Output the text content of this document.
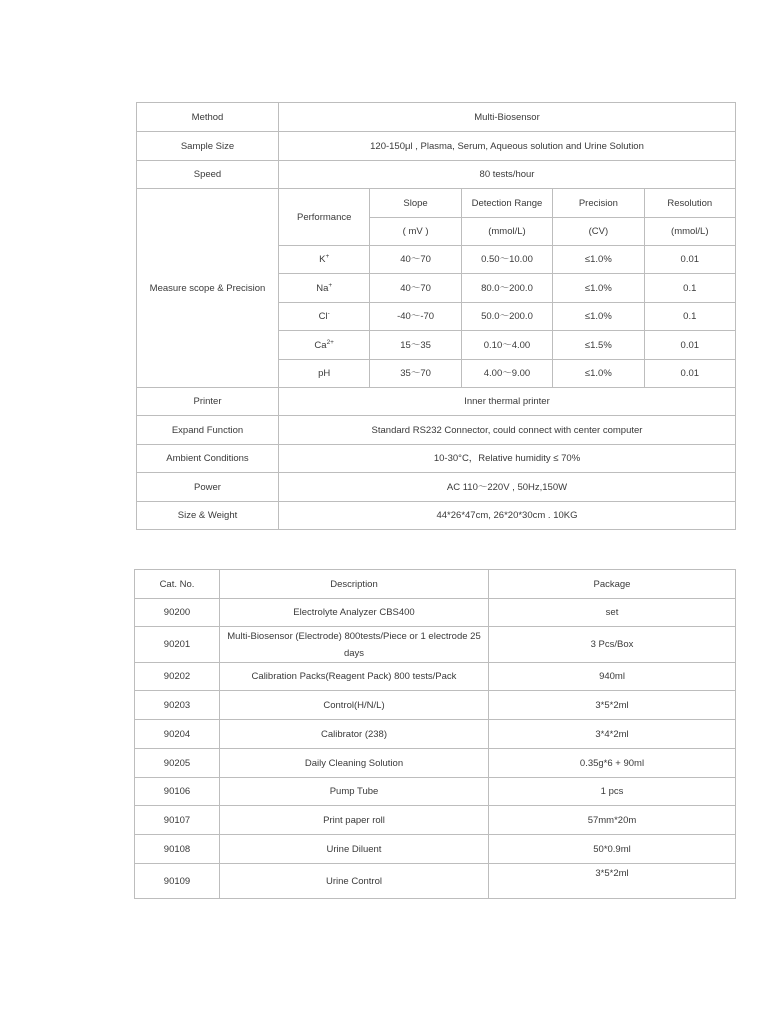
Method	Multi-Biosensor				
Sample Size	120-150μl , Plasma, Serum, Aqueous solution and Urine Solution				
Speed	80 tests/hour				
Measure scope & Precision	Performance	Slope	Detection Range	Precision	Resolution
		( mV )	(mmol/L)	(CV)	(mmol/L)
	K+	40～70	0.50～10.00	≤1.0%	0.01
	Na+	40～70	80.0～200.0	≤1.0%	0.1
	Cl-	-40～-70	50.0～200.0	≤1.0%	0.1
	$Ca^{2+}$	15～35	0.10～4.00	≤1.5%	0.01
	pH	35～70	4.00～9.00	≤1.0%	0.01
Printer	Inner thermal printer				
Expand Function	Standard RS232 Connector, could connect with center computer				
Ambient Conditions	10-30°C，Relative humidity ≤ 70%				
Power	AC 110～220V , 50Hz,150W				
Size & Weight	44*26*47cm, 26*20*30cm . 10KG				
Cat. No.	Description	Package
90200	Electrolyte Analyzer CBS400	set
90201	Multi-Biosensor (Electrode) 800tests/Piece or 1 electrode 25 days	3 Pcs/Box
90202	Calibration Packs(Reagent Pack) 800 tests/Pack	940ml
90203	Control(H/N/L)	3*5*2ml
90204	Calibrator (238)	3*4*2ml
90205	Daily Cleaning Solution	0.35g*6 + 90ml
90106	Pump Tube	1 pcs
90107	Print paper roll	57mm*20m
90108	Urine Diluent	50*0.9ml
90109	Urine Control	3*5*2ml
